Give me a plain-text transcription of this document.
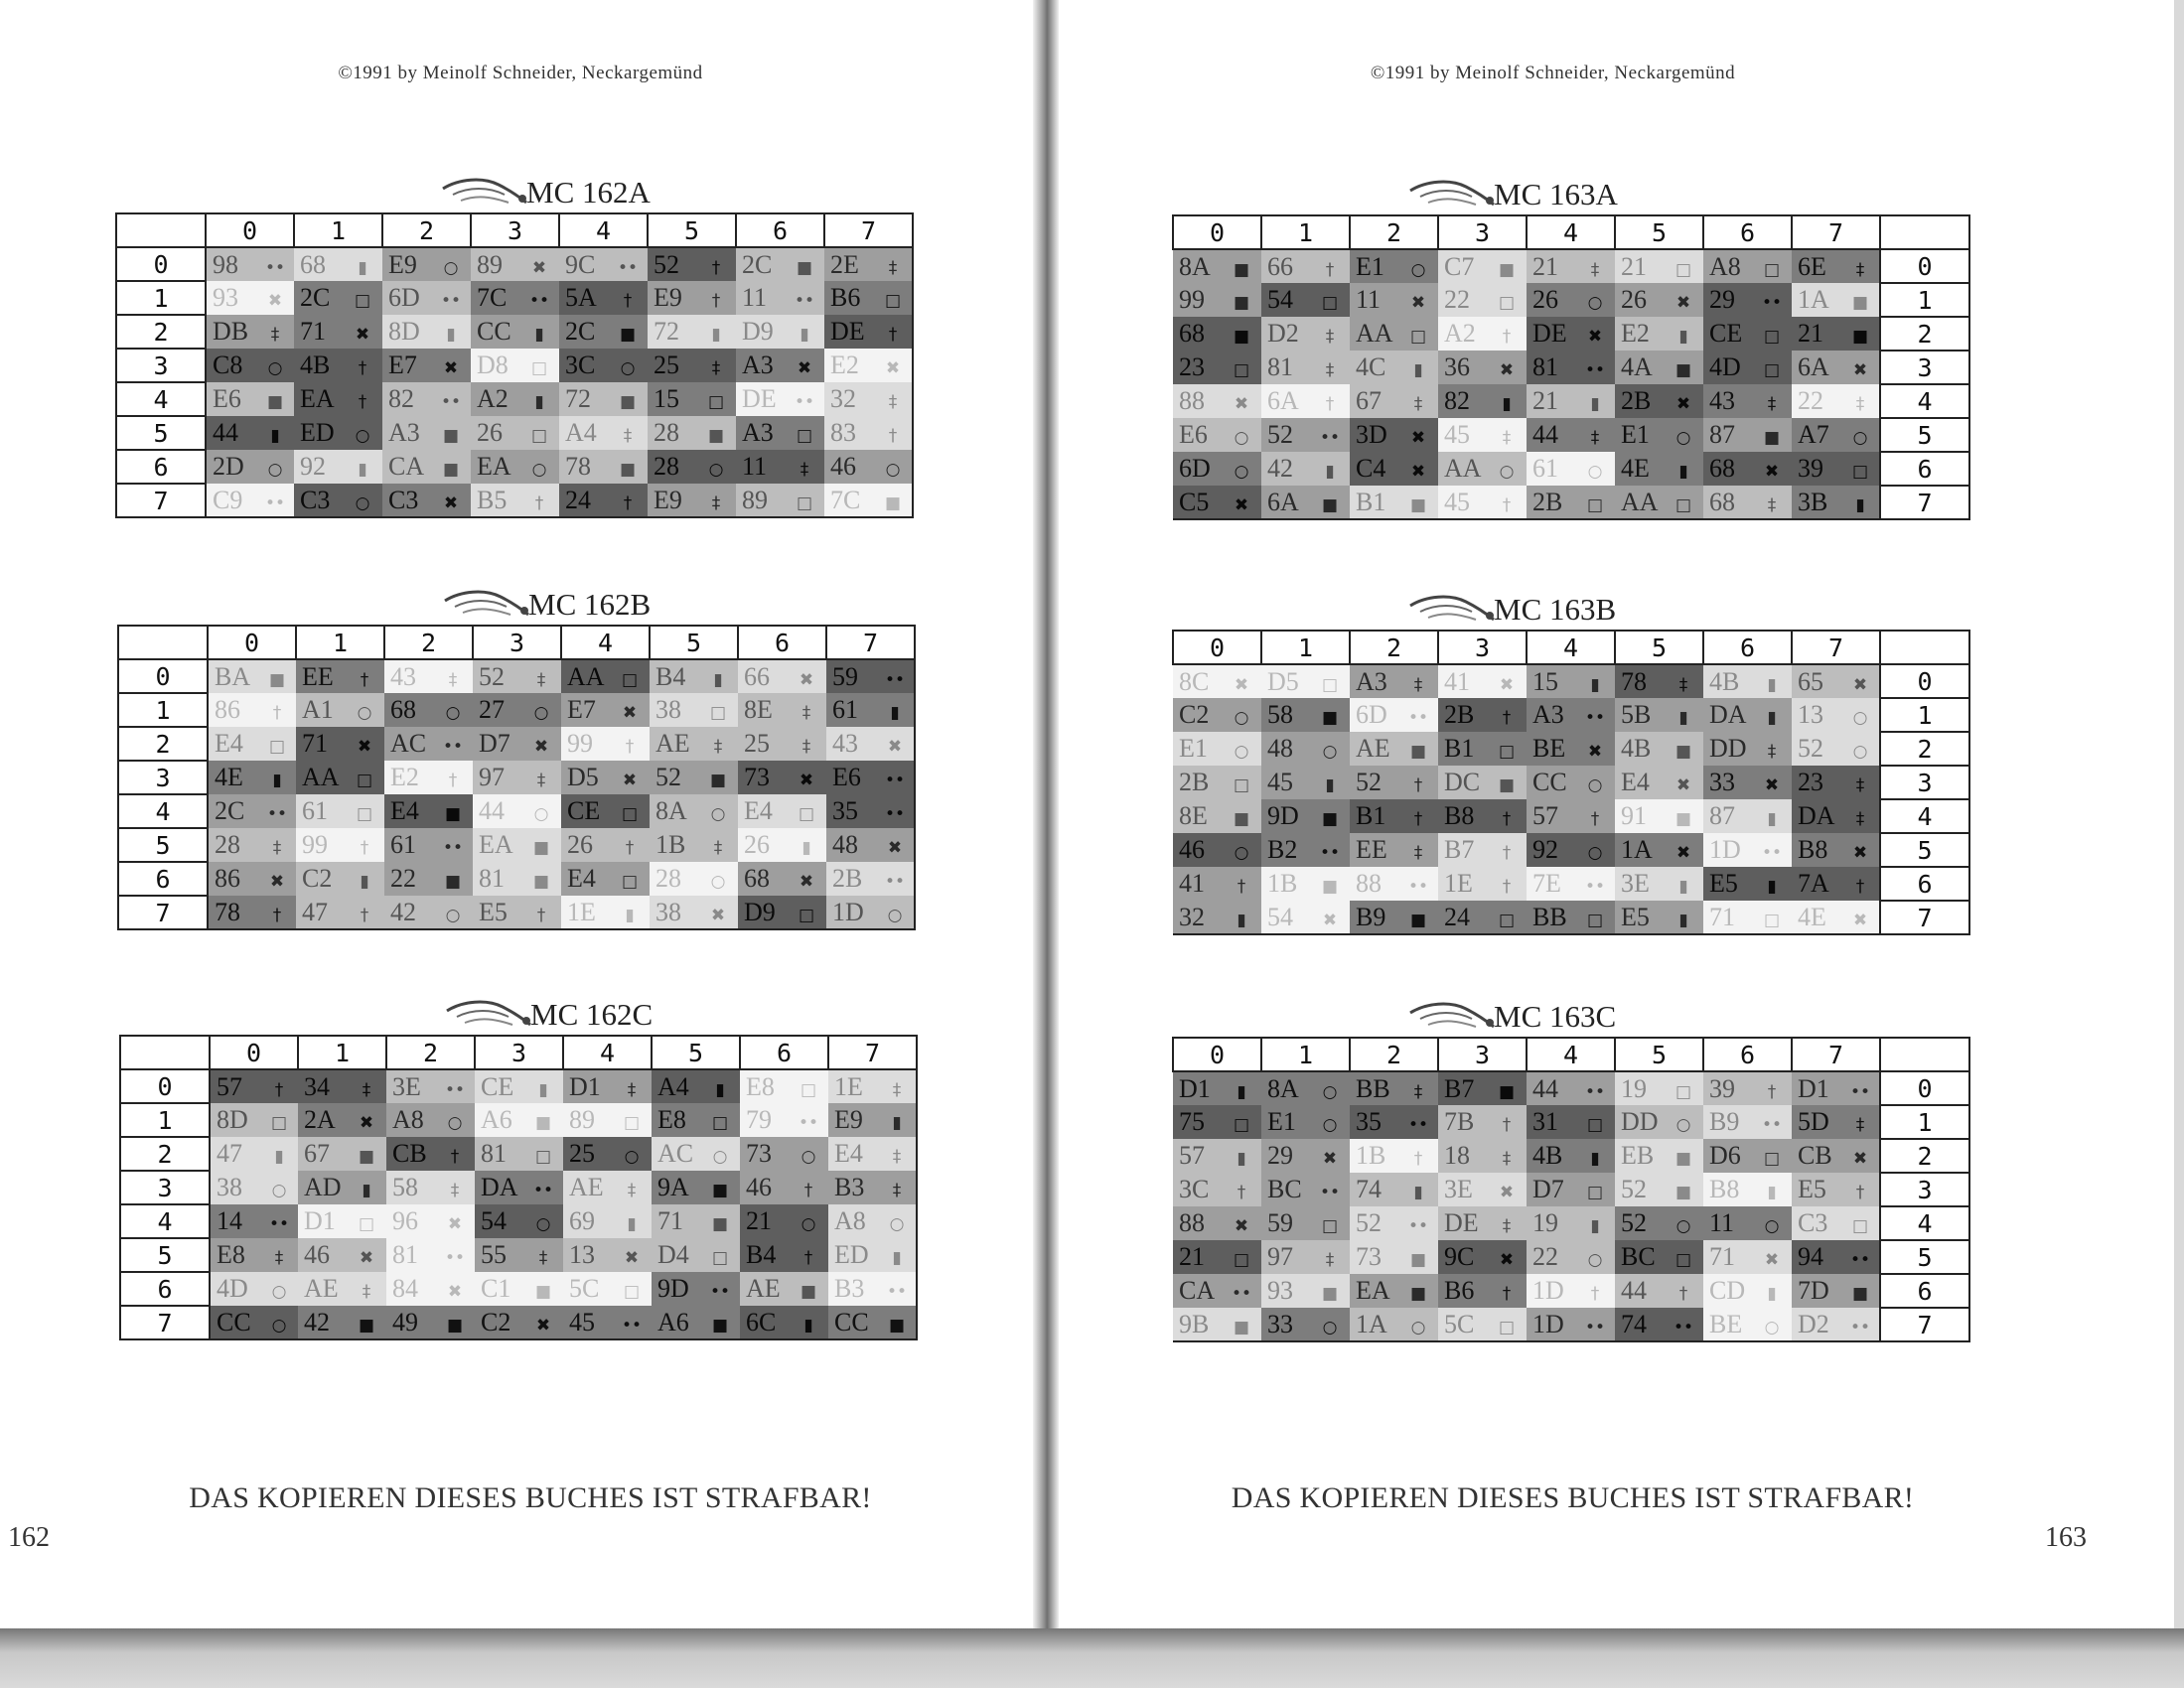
©1991 by Meinolf Schneider, Neckargemünd
MC 162A
	0	1	2	3	4	5	6	7
0	98 ••	68 ▮	E9 ○	89 ✖	9C ••	52 †	2C ■	2E ‡
1	93 ✖	2C □	6D ••	7C ••	5A †	E9 †	11 ••	B6 □
2	DB ‡	71 ✖	8D ▮	CC ▮	2C ■	72 ▮	D9 ▮	DE †
3	C8 ○	4B †	E7 ✖	D8 □	3C ○	25 ‡	A3 ✖	E2 ✖
4	E6 ■	EA †	82 ••	A2 ▮	72 ■	15 □	DE ••	32 ‡
5	44 ▮	ED ○	A3 ■	26 □	A4 ‡	28 ■	A3 □	83 †
6	2D ○	92 ▮	CA ■	EA ○	78 ■	28 ○	11 ‡	46 ○
7	C9 ••	C3 ○	C3 ✖	B5 †	24 †	E9 ‡	89 □	7C ■
MC 162B
	0	1	2	3	4	5	6	7
0	BA ■	EE †	43 ‡	52 ‡	AA □	B4 ▮	66 ✖	59 ••
1	86 †	A1 ○	68 ○	27 ○	E7 ✖	38 □	8E ‡	61 ▮
2	E4 □	71 ✖	AC ••	D7 ✖	99 †	AE ‡	25 ‡	43 ✖
3	4E ▮	AA □	E2 †	97 ‡	D5 ✖	52 ■	73 ✖	E6 ••
4	2C ••	61 □	E4 ■	44 ○	CE □	8A ○	E4 □	35 ••
5	28 ‡	99 †	61 ••	EA ■	26 †	1B ‡	26 ▮	48 ✖
6	86 ✖	C2 ▮	22 ■	81 ■	E4 □	28 ○	68 ✖	2B ••
7	78 †	47 †	42 ○	E5 †	1E ▮	38 ✖	D9 □	1D ○
MC 162C
	0	1	2	3	4	5	6	7
0	57 †	34 ‡	3E ••	CE ▮	D1 ‡	A4 ▮	E8 □	1E ‡
1	8D □	2A ✖	A8 ○	A6 ■	89 □	E8 □	79 ••	E9 ▮
2	47 ▮	67 ■	CB †	81 □	25 ○	AC ○	73 ○	E4 ‡
3	38 ○	AD ▮	58 ‡	DA ••	AE ‡	9A ■	46 †	B3 ‡
4	14 ••	D1 □	96 ✖	54 ○	69 ▮	71 ■	21 ○	A8 ○
5	E8 ‡	46 ✖	81 ••	55 ‡	13 ✖	D4 □	B4 †	ED ▮
6	4D ○	AE ‡	84 ✖	C1 ■	5C □	9D ••	AE ■	B3 ••
7	CC ○	42 ■	49 ■	C2 ✖	45 ••	A6 ■	6C ▮	CC ■
DAS KOPIEREN DIESES BUCHES IST STRAFBAR!
162
©1991 by Meinolf Schneider, Neckargemünd
MC 163A
0	1	2	3	4	5	6	7	
8A ■	66 †	E1 ○	C7 ■	21 ‡	21 □	A8 □	6E ‡	0
99 ■	54 □	11 ✖	22 □	26 ○	26 ✖	29 ••	1A ■	1
68 ■	D2 ‡	AA □	A2 †	DE ✖	E2 ▮	CE □	21 ■	2
23 □	81 ‡	4C ▮	36 ✖	81 ••	4A ■	4D □	6A ✖	3
88 ✖	6A †	67 ‡	82 ▮	21 ▮	2B ✖	43 ‡	22 ‡	4
E6 ○	52 ••	3D ✖	45 ‡	44 ‡	E1 ○	87 ■	A7 ○	5
6D ○	42 ▮	C4 ✖	AA ○	61 ○	4E ▮	68 ✖	39 □	6
C5 ✖	6A ■	B1 ■	45 †	2B □	AA □	68 ‡	3B ▮	7
MC 163B
0	1	2	3	4	5	6	7	
8C ✖	D5 □	A3 ‡	41 ✖	15 ▮	78 ‡	4B ▮	65 ✖	0
C2 ○	58 ■	6D ••	2B †	A3 ••	5B ▮	DA ▮	13 ○	1
E1 ○	48 ○	AE ■	B1 □	BE ✖	4B ■	DD ‡	52 ○	2
2B □	45 ▮	52 †	DC ■	CC ○	E4 ✖	33 ✖	23 ‡	3
8E ■	9D ■	B1 †	B8 †	57 †	91 ■	87 ▮	DA ‡	4
46 ○	B2 ••	EE ‡	B7 †	92 ○	1A ✖	1D ••	B8 ✖	5
41 †	1B ■	88 ••	1E †	7E ••	3E ▮	E5 ▮	7A †	6
32 ▮	54 ✖	B9 ■	24 □	BB □	E5 ▮	71 □	4E ✖	7
MC 163C
0	1	2	3	4	5	6	7	
D1 ▮	8A ○	BB ‡	B7 ■	44 ••	19 □	39 †	D1 ••	0
75 □	E1 ○	35 ••	7B †	31 □	DD ○	B9 ••	5D ‡	1
57 ▮	29 ✖	1B †	18 ‡	4B ▮	EB ■	D6 □	CB ✖	2
3C †	BC ••	74 ▮	3E ✖	D7 □	52 ■	B8 ▮	E5 †	3
88 ✖	59 □	52 ••	DE ‡	19 ▮	52 ○	11 ○	C3 □	4
21 □	97 ‡	73 ■	9C ✖	22 ○	BC □	71 ✖	94 ••	5
CA ••	93 ■	EA ■	B6 †	1D †	44 †	CD ▮	7D ■	6
9B ■	33 ○	1A ○	5C □	1D ••	74 ••	BE ○	D2 ••	7
DAS KOPIEREN DIESES BUCHES IST STRAFBAR!
163
